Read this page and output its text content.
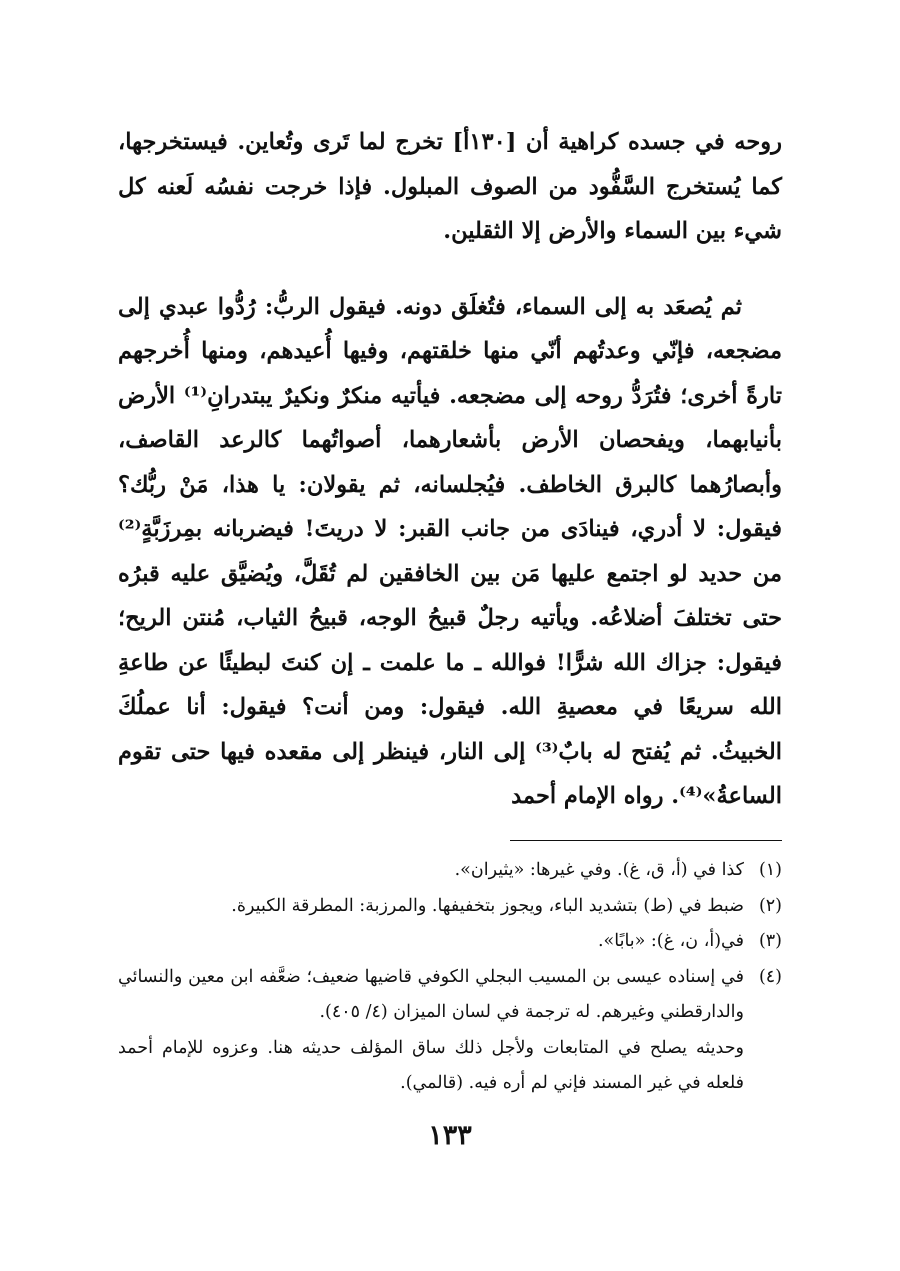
روحه في جسده كراهية أن [١٣٠أ] تخرج لما تَرى وتُعاين. فيستخرجها، كما يُستخرج السَّفُّود من الصوف المبلول. فإذا خرجت نفسُه لَعنه كل شيء بين السماء والأرض إلا الثقلين.

ثم يُصعَد به إلى السماء، فتُغلَق دونه. فيقول الربُّ: رُدُّوا عبدي إلى مضجعه، فإنّي وعدتُهم أنّي منها خلقتهم، وفيها أُعيدهم، ومنها أُخرجهم تارةً أخرى؛ فتُرَدُّ روحه إلى مضجعه. فيأتيه منكرٌ ونكيرٌ يبتدرانِ⁽¹⁾ الأرض بأنيابهما، ويفحصان الأرض بأشعارهما، أصواتُهما كالرعد القاصف، وأبصارُهما كالبرق الخاطف. فيُجلسانه، ثم يقولان: يا هذا، مَنْ ربُّك؟ فيقول: لا أدري، فينادَى من جانب القبر: لا دريتَ! فيضربانه بمِرزَبَّةٍ⁽²⁾ من حديد لو اجتمع عليها مَن بين الخافقين لم تُقَلَّ، ويُضيَّق عليه قبرُه حتى تختلفَ أضلاعُه. ويأتيه رجلٌ قبيحُ الوجه، قبيحُ الثياب، مُنتن الريح؛ فيقول: جزاك الله شرًّا! فوالله ـ ما علمت ـ إن كنتَ لبطيئًا عن طاعةِ الله سريعًا في معصيةِ الله. فيقول: ومن أنت؟ فيقول: أنا عملُكَ الخبيثُ. ثم يُفتح له بابٌ⁽³⁾ إلى النار، فينظر إلى مقعده فيها حتى تقوم الساعةُ»⁽⁴⁾. رواه الإمام أحمد

(١)
كذا في (أ، ق، غ). وفي غيرها: «يثيران».
(٢)
ضبط في (ط) بتشديد الباء، ويجوز بتخفيفها. والمرزبة: المطرقة الكبيرة.
(٣)
في(أ، ن، غ): «بابًا».
(٤)
في إسناده عيسى بن المسيب البجلي الكوفي قاضيها ضعيف؛ ضعَّفه ابن معين والنسائي والدارقطني وغيرهم. له ترجمة في لسان الميزان (٤/ ٤٠٥).
وحديثه يصلح في المتابعات ولأجل ذلك ساق المؤلف حديثه هنا. وعزوه للإمام أحمد فلعله في غير المسند فإني لم أره فيه. (قالمي).
١٣٣
